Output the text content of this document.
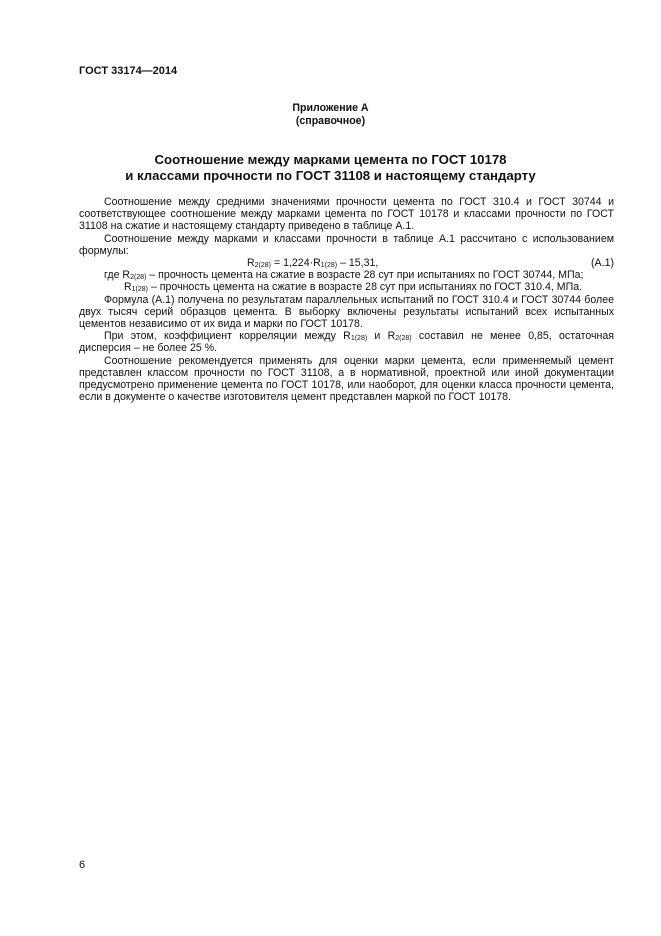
ГОСТ 33174—2014
Приложение А
(справочное)
Соотношение между марками цемента по ГОСТ 10178
и классами прочности по ГОСТ 31108 и настоящему стандарту

Соотношение между средними значениями прочности цемента по ГОСТ 310.4 и ГОСТ 30744 и соответствующее соотношение между марками цемента по ГОСТ 10178 и классами прочности по ГОСТ 31108 на сжатие и настоящему стандарту приведено в таблице А.1.

Соотношение между марками и классами прочности в таблице А.1 рассчитано с использованием формулы:

$R_{2(28)} = 1,224\cdot R_{1(28)} - 15,31$,	(А.1)

где $R_{2(28)}$ – прочность цемента на сжатие в возрасте 28 сут при испытаниях по ГОСТ 30744, МПа;

$R_{1(28)}$ – прочность цемента на сжатие в возрасте 28 сут при испытаниях по ГОСТ 310.4, МПа.

Формула (А.1) получена по результатам параллельных испытаний по ГОСТ 310.4 и ГОСТ 30744 более двух тысяч серий образцов цемента. В выборку включены результаты испытаний всех испытанных цементов независимо от их вида и марки по ГОСТ 10178.

При этом, коэффициент корреляции между $R_{1(28)}$ и $R_{2(28)}$ составил не менее 0,85, остаточная дисперсия – не более 25 %.

Соотношение рекомендуется применять для оценки марки цемента, если применяемый цемент представлен классом прочности по ГОСТ 31108, а в нормативной, проектной или иной документации предусмотрено применение цемента по ГОСТ 10178, или наоборот, для оценки класса прочности цемента, если в документе о качестве изготовителя цемент представлен маркой по ГОСТ 10178.

6
